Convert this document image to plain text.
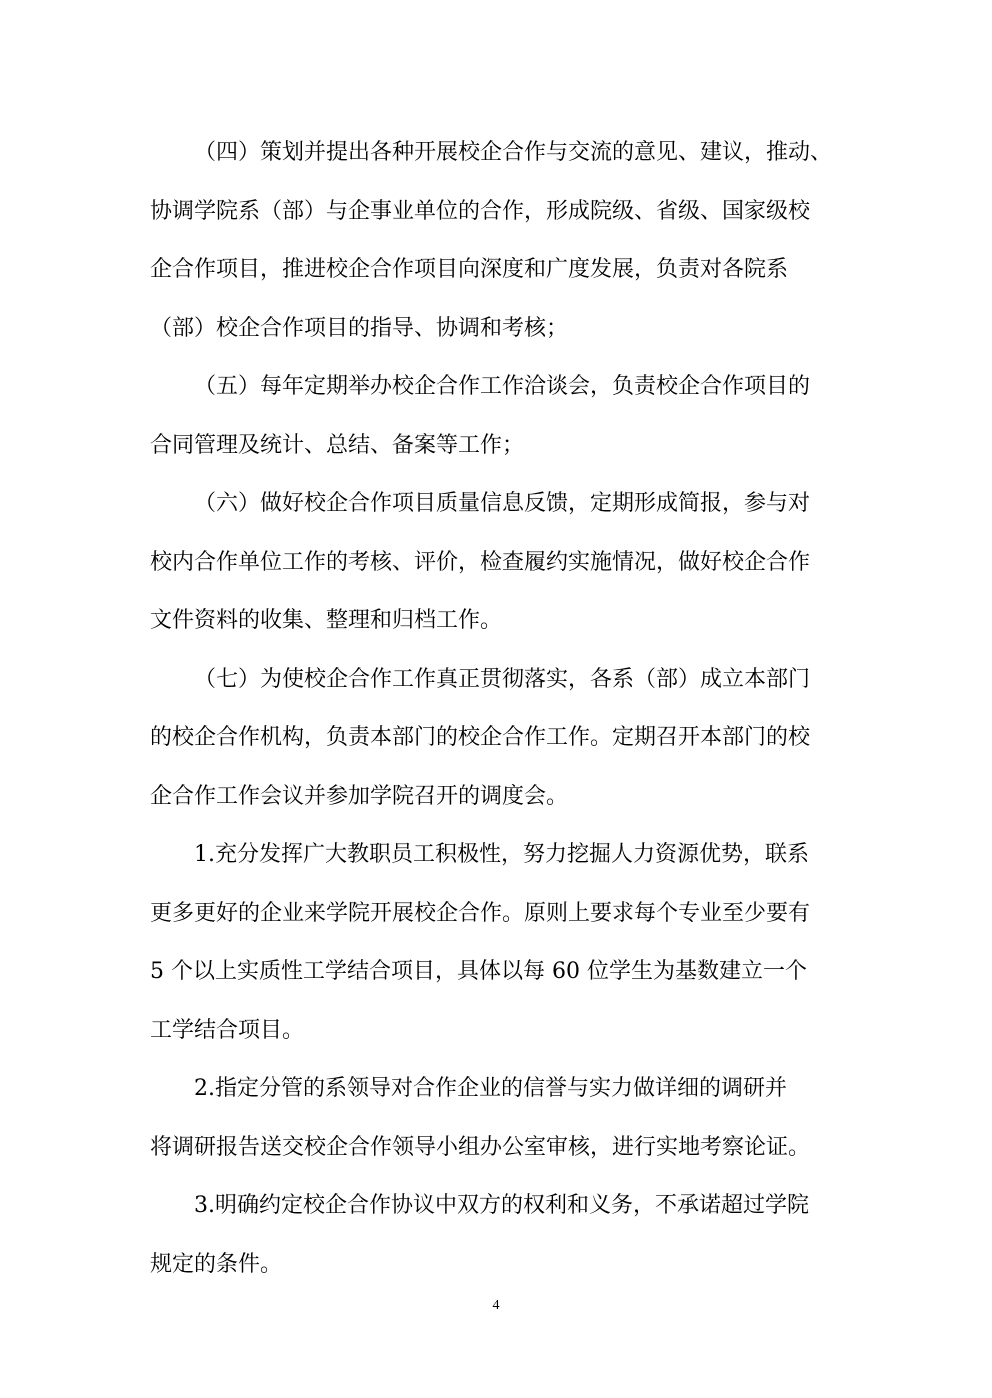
（四）策划并提出各种开展校企合作与交流的意见、建议，推动、
协调学院系（部）与企事业单位的合作，形成院级、省级、国家级校
企合作项目，推进校企合作项目向深度和广度发展，负责对各院系
（部）校企合作项目的指导、协调和考核；

（五）每年定期举办校企合作工作洽谈会，负责校企合作项目的
合同管理及统计、总结、备案等工作；

（六）做好校企合作项目质量信息反馈，定期形成简报，参与对
校内合作单位工作的考核、评价，检查履约实施情况，做好校企合作
文件资料的收集、整理和归档工作。

（七）为使校企合作工作真正贯彻落实，各系（部）成立本部门
的校企合作机构，负责本部门的校企合作工作。定期召开本部门的校
企合作工作会议并参加学院召开的调度会。

1.充分发挥广大教职员工积极性，努力挖掘人力资源优势，联系
更多更好的企业来学院开展校企合作。原则上要求每个专业至少要有
5 个以上实质性工学结合项目，具体以每 60 位学生为基数建立一个
工学结合项目。

2.指定分管的系领导对合作企业的信誉与实力做详细的调研并
将调研报告送交校企合作领导小组办公室审核，进行实地考察论证。

3.明确约定校企合作协议中双方的权利和义务，不承诺超过学院
规定的条件。

4
